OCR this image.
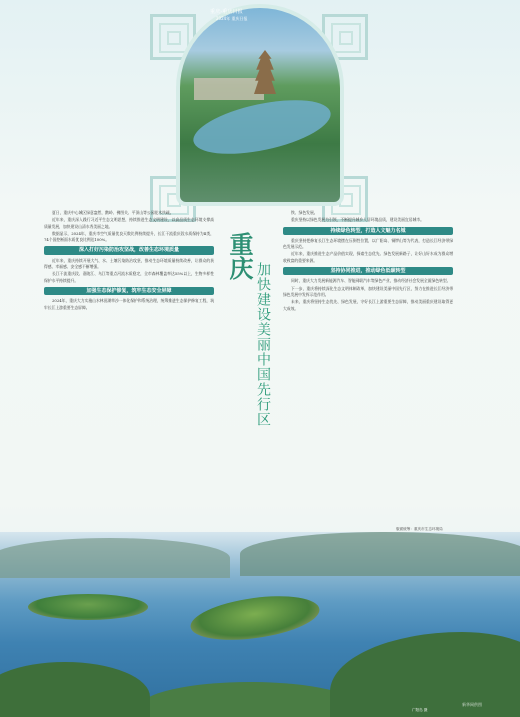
重庆·重庆日报
2024年 重庆日报

夏日，重庆中心城区绿意盎然，鹅岭、佛图关、平顶山等公园花木扶疏。

近年来，重庆深入践行习近平生态文明思想，持续推进生态文明建设，以高品质生态环境支撑高质量发展，加快建设山清水秀美丽之地。

数据显示，2024年，重庆市空气质量优良天数比例持续提升，长江干流重庆段水质保持为Ⅱ类，74个国控断面水质优良比例达100%。

深入打好污染防治攻坚战，改善生态环境质量

近年来，重庆持续开展大气、水、土壤污染防治攻坚，推动生态环境质量持续改善，让群众的获得感、幸福感、安全感不断增强。

长江干流重庆段、嘉陵江、乌江等重点河流水质稳定，全市森林覆盖率达55%以上，生物多样性保护水平持续提升。

加强生态保护修复，筑牢生态安全屏障

2024年，重庆大力实施山水林田湖草沙一体化保护和系统治理，统筹推进生态保护修复工程，筑牢长江上游重要生态屏障。

重庆
加快建设美丽中国先行区

铁、绿色发展。

重庆坚持以绿色发展为引领，不断提升城乡人居环境品质，建设美丽宜居城市。

持续绿色转型，打造人文魅力名城

重庆坚持把修复长江生态环境摆在压倒性位置，以广阳岛、铜锣山等为代表，打造长江经济带绿色发展示范。

近年来，重庆推进生态产品价值实现，探索生态优先、绿色发展新路子，让好山好水成为群众增收致富的重要来源。

坚持协同推进，推动绿色低碳转型

同时，重庆大力发展新能源汽车、智能网联汽车等绿色产业，推动经济社会发展全面绿色转型。

下一步，重庆将持续深化生态文明体制改革，加快建设美丽中国先行区，努力在推进长江经济带绿色发展中发挥示范作用。

未来，重庆将坚持生态优先、绿色发展，守好长江上游重要生态屏障，推动美丽重庆建设取得更大成效。

版面统筹：重庆市生态环境局
广阳岛 摄
新华网供图
